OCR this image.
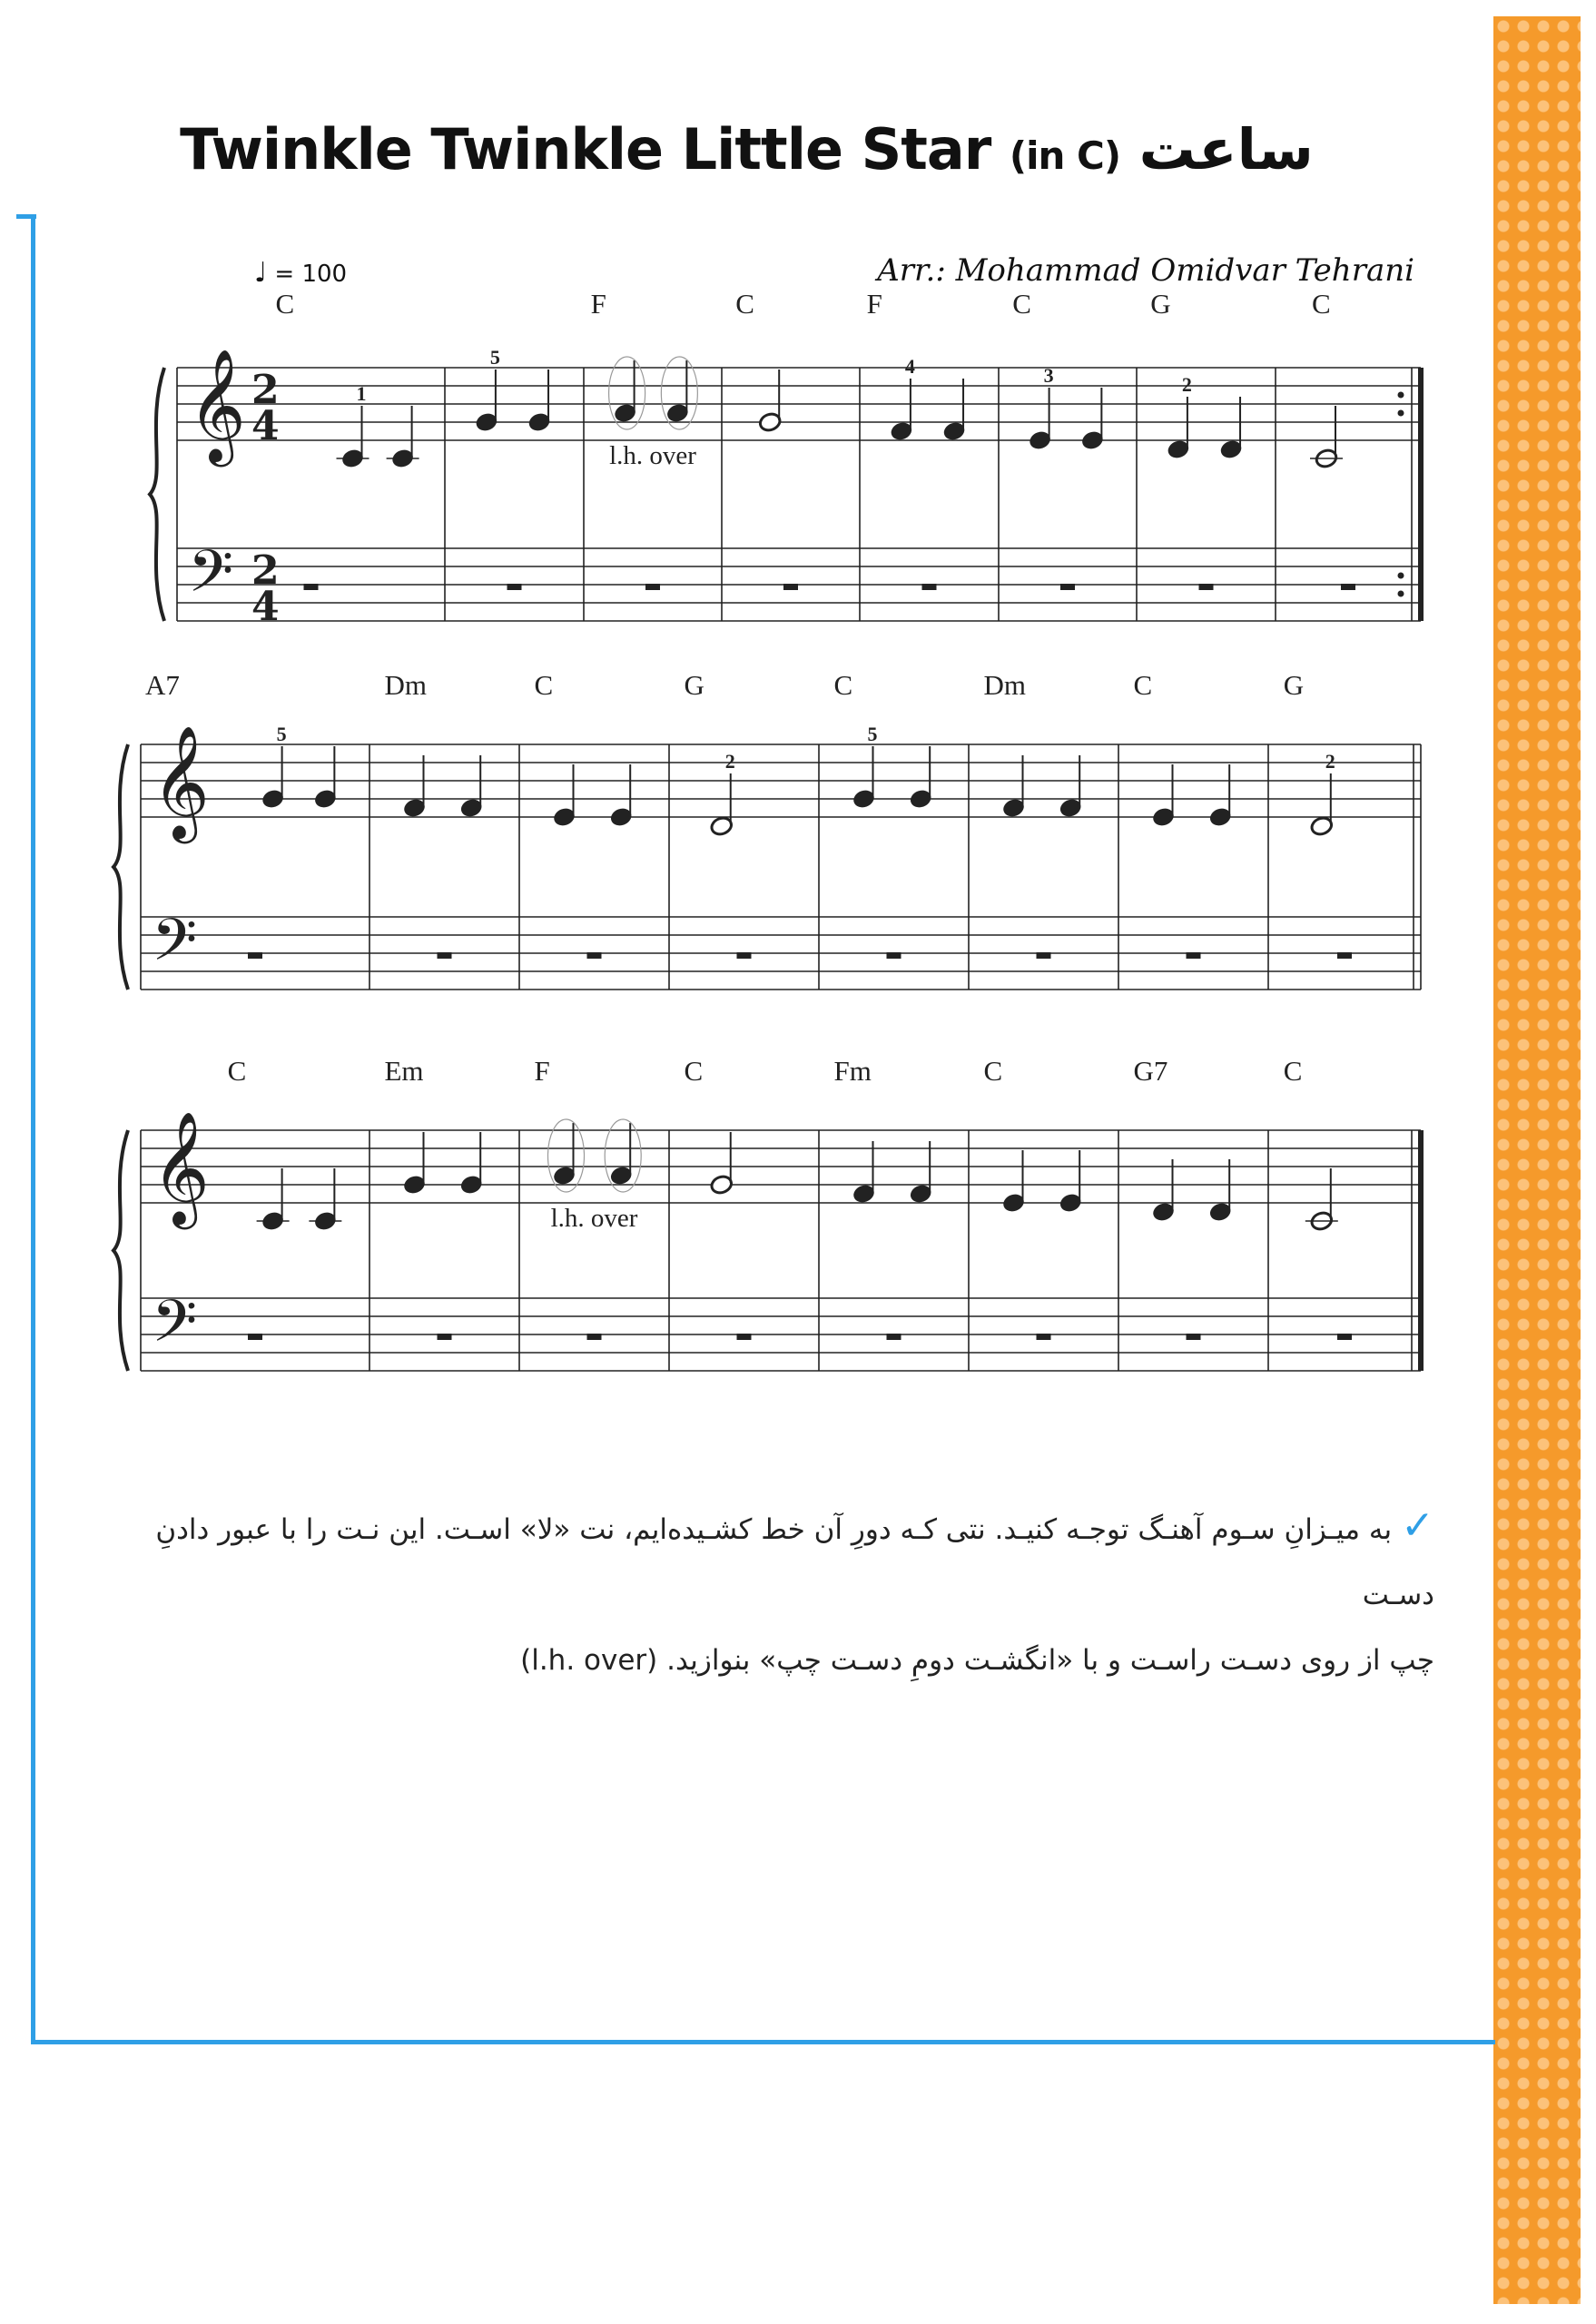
Twinkle Twinkle Little Star (in C) ساعت
♩ = 100	Arr.: Mohammad Omidvar Tehrani
𝄞
𝄢
2
4
2
4
C	F	C	F	C	G	C
1
5	4	3	2
l.h. over
𝄞
𝄢
A7	Dm	C	G	C	Dm	C	G
5
2
5
2
𝄞
𝄢
C	Em	F	C	Fm	C	G7	C
l.h. over
✓به میـزانِ سـوم آهنـگ توجـه کنیـد. نتی کـه دورِ آن خط کشـیده‌ایم، نت «لا» اسـت. این نـت را با عبور دادنِ دسـت
چپ از روی دسـت راسـت و با «انگشـت دومِ دسـت چپ» بنوازید. (l.h. over)
